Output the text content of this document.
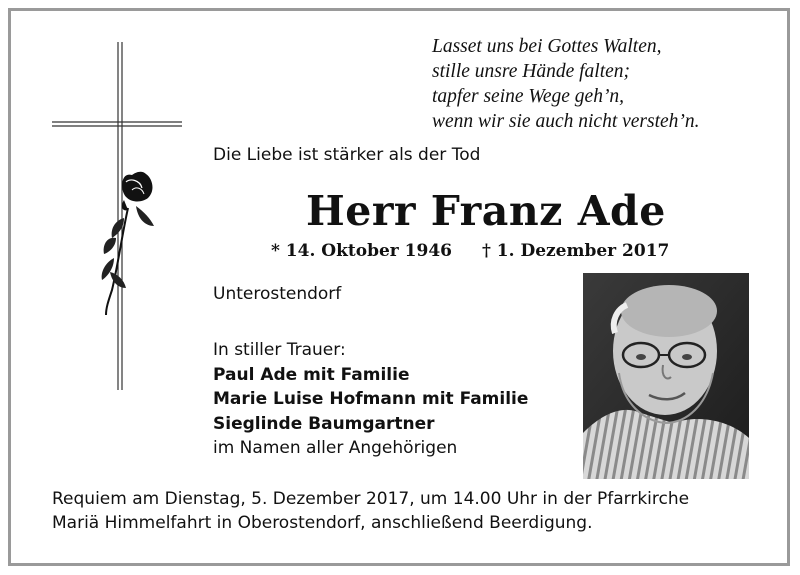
Lasset uns bei Gottes Walten,
stille unsre Hände falten;
tapfer seine Wege geh’n,
wenn wir sie auch nicht versteh’n.
Die Liebe ist stärker als der Tod
Herr Franz Ade
* 14. Oktober 1946 † 1. Dezember 2017
Unterostendorf
In stiller Trauer:
Paul Ade mit Familie
Marie Luise Hofmann mit Familie
Sieglinde Baumgartner
im Namen aller Angehörigen
Requiem am Dienstag, 5. Dezember 2017, um 14.00 Uhr in der Pfarrkirche
Mariä Himmelfahrt in Oberostendorf, anschließend Beerdigung.
